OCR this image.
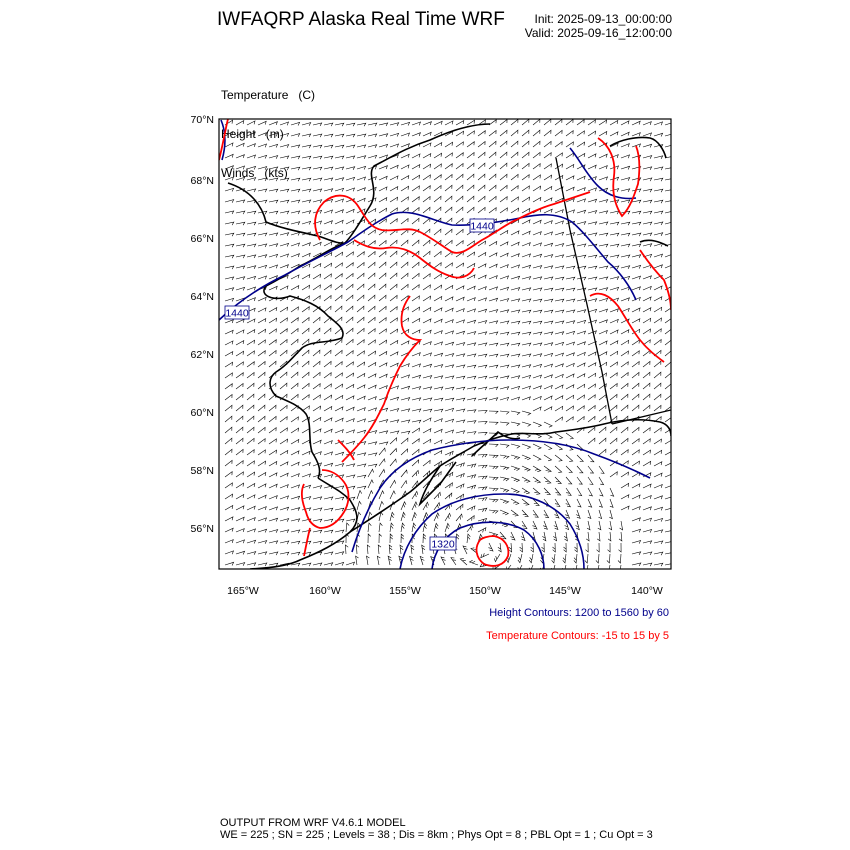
IWFAQRP Alaska Real Time WRF	Init: 2025-09-13_00:00:00
Valid: 2025-09-16_12:00:00

Temperature (C)

Height (m)

Winds (kts)

1440
1440
1320
70°N
68°N
66°N
64°N
62°N
60°N
58°N
56°N
165°W	160°W	155°W	150°W	145°W	140°W
Height Contours: 1200 to 1560 by 60
Temperature Contours: -15 to 15 by 5
OUTPUT FROM WRF V4.6.1 MODEL
WE = 225 ; SN = 225 ; Levels = 38 ; Dis = 8km ; Phys Opt = 8 ; PBL Opt = 1 ; Cu Opt = 3
